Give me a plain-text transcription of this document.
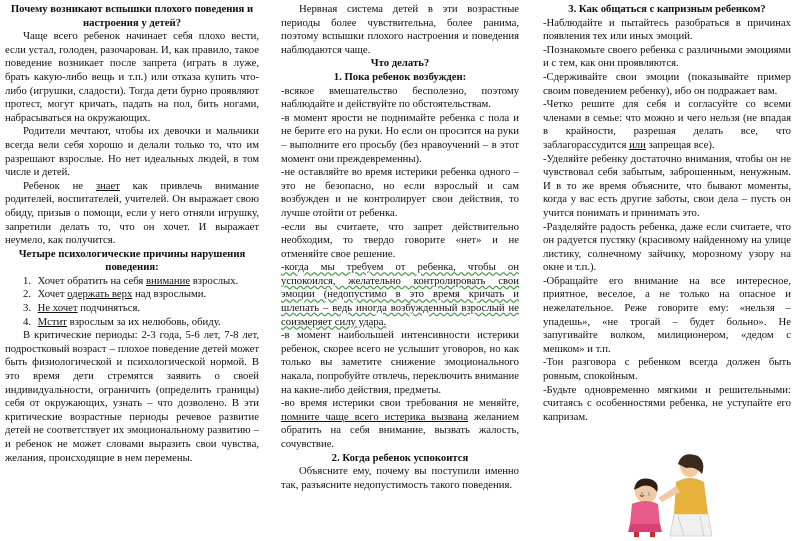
Почему возникают вспышки плохого поведения и настроения у детей?

Чаще всего ребенок начинает себя плохо вести, если устал, голоден, разочарован. И, как правило, такое поведение возникает после запрета (играть в луже, брать какую-либо вещь и т.п.) или отказа купить что-либо (игрушки, сладости). Тогда дети бурно проявляют протест, могут кричать, падать на пол, бить ногами, набрасываться на окружающих.

Родители мечтают, чтобы их девочки и мальчики всегда вели себя хорошо и делали только то, что им разрешают взрослые. Но нет идеальных людей, в том числе и детей.

Ребенок не знает как привлечь внимание родителей, воспитателей, учителей. Он выражает свою обиду, призыв о помощи, если у него отняли игрушку, запретили делать то, что он хочет. И выражает неумело, как получится.

Четыре психологические причины нарушения поведения:

1. Хочет обратить на себя внимание взрослых.

2. Хочет одержать верх над взрослыми.

3. Не хочет подчиняться.

4. Мстит взрослым за их нелюбовь, обиду.

В критические периоды: 2-3 года, 5-6 лет, 7-8 лет, подростковый возраст – плохое поведение детей может быть физиологической и психологической нормой. В это время дети стремятся заявить о своей индивидуальности, ограничить (определить границы) себя от окружающих, узнать – что дозволено. В эти критические возрастные периоды речевое развитие детей не соответствует их эмоциональному развитию – и ребенок не может словами выразить свои чувства, желания, происходящие в нем перемены.

Нервная система детей в эти возрастные периоды более чувствительна, более ранима, поэтому вспышки плохого настроения и поведения наблюдаются чаще.

Что делать?

1. Пока ребенок возбужден:

-всякое вмешательство бесполезно, поэтому наблюдайте и действуйте по обстоятельствам.

-в момент ярости не поднимайте ребенка с пола и не берите его на руки. Но если он просится на руки – выполните его просьбу (без нравоучений – в этот момент они преждевременны).

-не оставляйте во время истерики ребенка одного – это не безопасно, но если взрослый и сам возбужден и не контролирует свои действия, то лучше отойти от ребенка.

-если вы считаете, что запрет действительно необходим, то твердо говорите «нет» и не отменяйте свое решение.

-когда мы требуем от ребенка, чтобы он успокоился, желательно контролировать свои эмоции (недопустимо в это время кричать и шлепать – ведь иногда возбужденный взрослый не соизмеряет силу удара.

-в момент наибольшей интенсивности истерики ребенок, скорее всего не услышит уговоров, но как только вы заметите снижение эмоционального накала, попробуйте отвлечь, переключить внимание на какие-либо действия, предметы.

-во время истерики свои требования не меняйте, помните чаще всего истерика вызвана желанием обратить на себя внимание, вызвать жалость, сочувствие.

2. Когда ребенок успокоится

Объясните ему, почему вы поступили именно так, разъясните недопустимость такого поведения.

3. Как общаться с капризным ребенком?

-Наблюдайте и пытайтесь разобраться в причинах появления тех или иных эмоций.

-Познакомьте своего ребенка с различными эмоциями и с тем, как они проявляются.

-Сдерживайте свои эмоции (показывайте пример своим поведением ребенку), ибо он подражает вам.

-Четко решите для себя и согласуйте со всеми членами в семье: что можно и чего нельзя (не впадая в крайности, разрешая делать все, что заблагорассудится или запрещая все).

-Уделяйте ребенку достаточно внимания, чтобы он не чувствовал себя забытым, заброшенным, ненужным. И в то же время объясните, что бывают моменты, когда у вас есть другие заботы, свои дела – пусть он учится понимать и принимать это.

-Разделяйте радость ребенка, даже если считаете, что он радуется пустяку (красивому найденному на улице листику, солнечному зайчику, морозному узору на окне и т.п.).

-Обращайте его внимание на все интересное, приятное, веселое, а не только на опасное и нежелательное. Реже говорите ему: «нельзя – упадешь», «не трогай – будет больно». Не запугивайте волком, милиционером, «дедом с мешком» и т.п.

-Тон разговора с ребенком всегда должен быть ровным, спокойным.

-Будьте одновременно мягкими и решительными: считаясь с особенностями ребенка, не уступайте его капризам.
